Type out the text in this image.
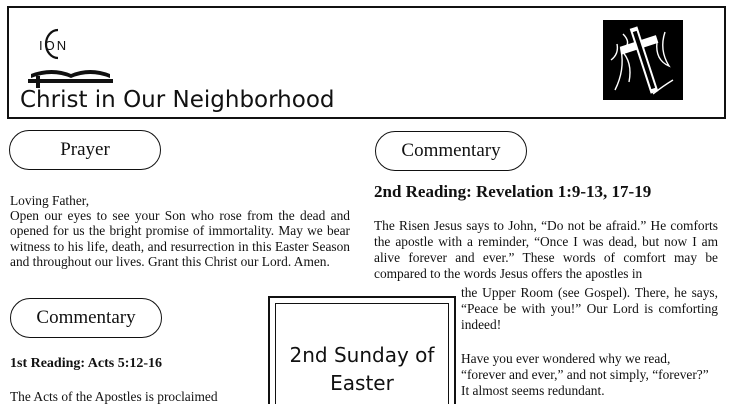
ION
Christ in Our Neighborhood
Prayer
Loving Father,
Open our eyes to see your Son who rose from the dead and opened for us the bright promise of immortality. May we bear witness to his life, death, and resurrection in this Easter Season and throughout our lives. Grant this Christ our Lord. Amen.
Commentary
1st Reading: Acts 5:12-16
The Acts of the Apostles is proclaimed
Commentary
2nd Reading: Revelation 1:9-13, 17-19
The Risen Jesus says to John, “Do not be afraid.” He comforts the apostle with a reminder, “Once I was dead, but now I am alive forever and ever.” These words of comfort may be compared to the words Jesus offers the apostles in
the Upper Room (see Gospel). There, he says, “Peace be with you!” Our Lord is comforting indeed!
Have you ever wondered why we read, “forever and ever,” and not simply, “forever?” It almost seems redundant.
2nd Sunday of Easter
